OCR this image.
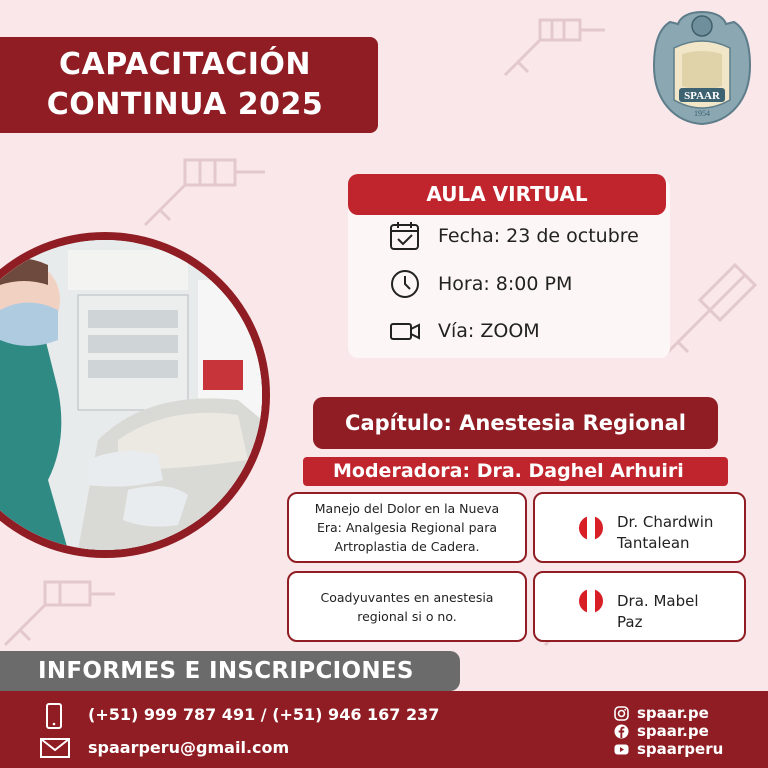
CAPACITACIÓN
CONTINUA 2025	SPAAR
1954
AULA VIRTUAL
Fecha: 23 de octubre
Hora: 8:00 PM
Vía: ZOOM
Capítulo: Anestesia Regional
Moderadora: Dra. Daghel Arhuiri
Manejo del Dolor en la Nueva Era: Analgesia Regional para Artroplastia de Cadera.
Dr. Chardwin
Tantalean
Coadyuvantes en anestesia regional si o no.
Dra. Mabel
Paz
INFORMES E INSCRIPCIONES
(+51) 999 787 491 / (+51) 946 167 237
spaarperu@gmail.com
spaar.pe
spaar.pe
spaarperu
